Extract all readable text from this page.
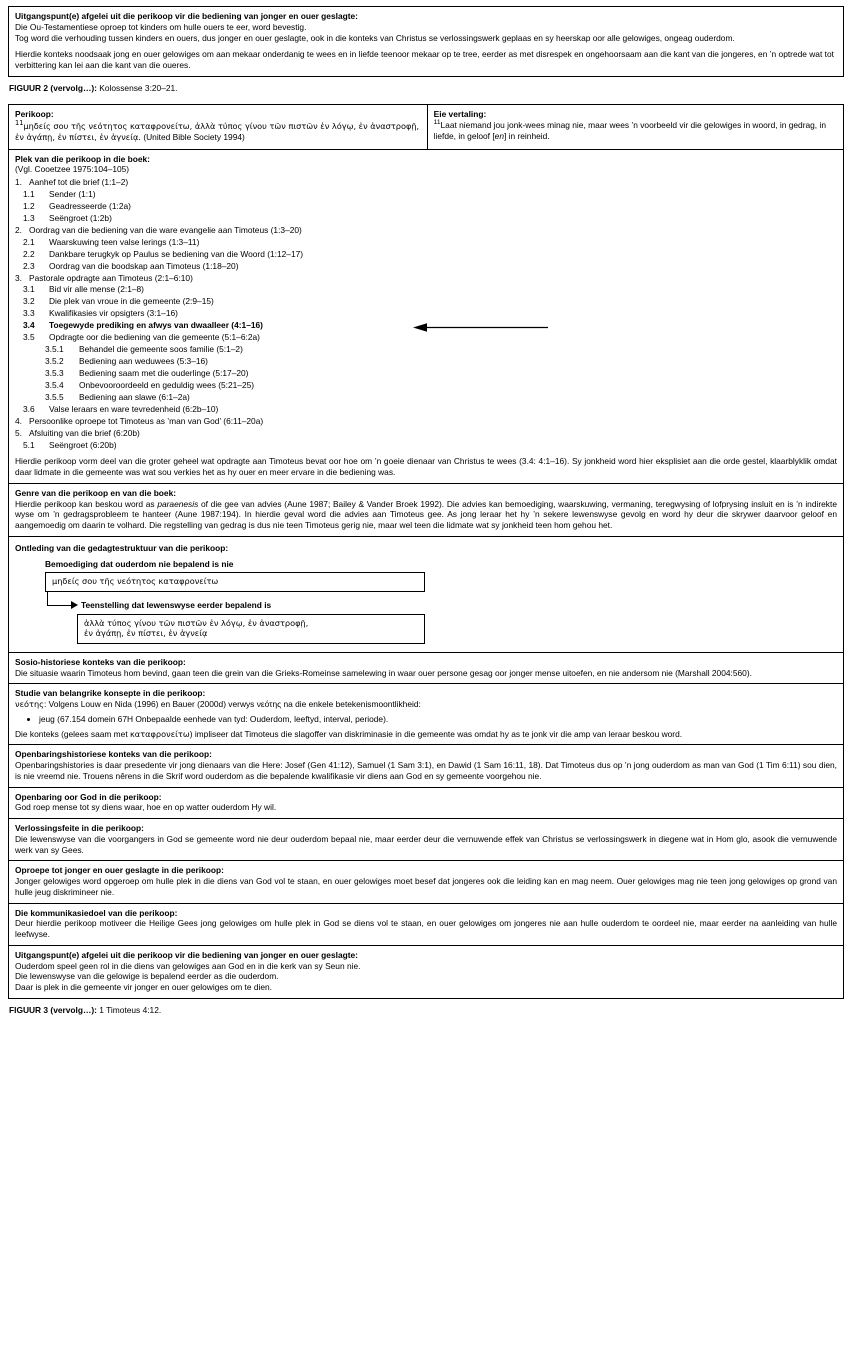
Uitgangspunt(e) afgelei uit die perikoop vir die bediening van jonger en ouer geslagte:

Die Ou-Testamentiese oproep tot kinders om hulle ouers te eer, word bevestig.

Tog word die verhouding tussen kinders en ouers, dus jonger en ouer geslagte, ook in die konteks van Christus se verlossingswerk geplaas en sy heerskap oor alle gelowiges, ongeag ouderdom.

Hierdie konteks noodsaak jong en ouer gelowiges om aan mekaar onderdanig te wees en in liefde teenoor mekaar op te tree, eerder as met disrespek en ongehoorsaam aan die kant van die jongeres, en ’n optrede wat tot verbittering kan lei aan die kant van die oueres.

FIGUUR 2 (vervolg…): Kolossense 3:20–21.

Perikoop:

$^{11}$μηδείς σου τῆς νεότητος καταφρονείτω, ἀλλὰ τύπος γίνου τῶν πιστῶν ἐν λόγῳ, ἐν ἀναστροφῇ, ἐν ἀγάπῃ, ἐν πίστει, ἐν ἁγνείᾳ. (United Bible Society 1994)

Eie vertaling:

$^{11}$Laat niemand jou jonk-wees minag nie, maar wees ’n voorbeeld vir die gelowiges in woord, in gedrag, in liefde, in geloof [en] in reinheid.

Plek van die perikoop in die boek:

(Vgl. Cooetzee 1975:104–105)

1. Aanhef tot die brief (1:1–2)
1.1	Sender (1:1)
1.2	Geadresseerde (1:2a)
1.3	Seëngroet (1:2b)
2. Oordrag van die bediening van die ware evangelie aan Timoteus (1:3–20)
2.1	Waarskuwing teen valse lerings (1:3–11)
2.2	Dankbare terugkyk op Paulus se bediening van die Woord (1:12–17)
2.3	Oordrag van die boodskap aan Timoteus (1:18–20)
3. Pastorale opdragte aan Timoteus (2:1–6:10)
3.1	Bid vir alle mense (2:1–8)
3.2	Die plek van vroue in die gemeente (2:9–15)
3.3	Kwalifikasies vir opsigters (3:1–16)
3.4	Toegewyde prediking en afwys van dwaalleer (4:1–16)
3.5	Opdragte oor die bediening van die gemeente (5:1–6:2a)
3.5.1	Behandel die gemeente soos familie (5:1–2)
3.5.2	Bediening aan weduwees (5:3–16)
3.5.3	Bediening saam met die ouderlinge (5:17–20)
3.5.4	Onbevooroordeeld en geduldig wees (5:21–25)
3.5.5	Bediening aan slawe (6:1–2a)
3.6	Valse leraars en ware tevredenheid (6:2b–10)
4. Persoonlike oproepe tot Timoteus as ’man van God’ (6:11–20a)
5. Afsluiting van die brief (6:20b)
5.1	Seëngroet (6:20b)

Hierdie perikoop vorm deel van die groter geheel wat opdragte aan Timoteus bevat oor hoe om ’n goeie dienaar van Christus te wees (3.4: 4:1–16). Sy jonkheid word hier eksplisiet aan die orde gestel, klaarblyklik omdat daar lidmate in die gemeente was wat sou verkies het as hy ouer en meer ervare in die bediening was.

Genre van die perikoop en van die boek:

Hierdie perikoop kan beskou word as paraenesis of die gee van advies (Aune 1987; Bailey & Vander Broek 1992). Die advies kan bemoediging, waarskuwing, vermaning, teregwysing of lofprysing insluit en is ’n indirekte wyse om ’n gedragsprobleem te hanteer (Aune 1987:194). In hierdie geval word die advies aan Timoteus gee. As jong leraar het hy ’n sekere lewenswyse gevolg en word hy deur die skrywer daarvoor geloof en aangemoedig om daarin te volhard. Die regstelling van gedrag is dus nie teen Timoteus gerig nie, maar wel teen die lidmate wat sy jonkheid teen hom gehou het.

Ontleding van die gedagtestruktuur van die perikoop:

Bemoediging dat ouderdom nie bepalend is nie

μηδείς σου τῆς νεότητος καταφρονείτω
Teenstelling dat lewenswyse eerder bepalend is
ἀλλὰ τύπος γίνου τῶν πιστῶν ἐν λόγῳ, ἐν ἀναστροφῇ,
ἐν ἀγάπῃ, ἐν πίστει, ἐν ἁγνείᾳ

Sosio-historiese konteks van die perikoop:

Die situasie waarin Timoteus hom bevind, gaan teen die grein van die Grieks-Romeinse samelewing in waar ouer persone gesag oor jonger mense uitoefen, en nie andersom nie (Marshall 2004:560).

Studie van belangrike konsepte in die perikoop:

νεότης: Volgens Louw en Nida (1996) en Bauer (2000d) verwys νεότης na die enkele betekenismoontlikheid:

• jeug (67.154 domein 67H Onbepaalde eenhede van tyd: Ouderdom, leeftyd, interval, periode).

Die konteks (gelees saam met καταφρονείτω) impliseer dat Timoteus die slagoffer van diskriminasie in die gemeente was omdat hy as te jonk vir die amp van leraar beskou word.

Openbaringshistoriese konteks van die perikoop:

Openbaringshistories is daar presedente vir jong dienaars van die Here: Josef (Gen 41:12), Samuel (1 Sam 3:1), en Dawid (1 Sam 16:11, 18). Dat Timoteus dus op ’n jong ouderdom as man van God (1 Tim 6:11) sou dien, is nie vreemd nie. Trouens nêrens in die Skrif word ouderdom as die bepalende kwalifikasie vir diens aan God en sy gemeente voorgehou nie.

Openbaring oor God in die perikoop:

God roep mense tot sy diens waar, hoe en op watter ouderdom Hy wil.

Verlossingsfeite in die perikoop:

Die lewenswyse van die voorgangers in God se gemeente word nie deur ouderdom bepaal nie, maar eerder deur die vernuwende effek van Christus se verlossingswerk in diegene wat in Hom glo, asook die vernuwende werk van sy Gees.

Oproepe tot jonger en ouer geslagte in die perikoop:

Jonger gelowiges word opgeroep om hulle plek in die diens van God vol te staan, en ouer gelowiges moet besef dat jongeres ook die leiding kan en mag neem. Ouer gelowiges mag nie teen jong gelowiges op grond van hulle jeug diskrimineer nie.

Die kommunikasiedoel van die perikoop:

Deur hierdie perikoop motiveer die Heilige Gees jong gelowiges om hulle plek in God se diens vol te staan, en ouer gelowiges om jongeres nie aan hulle ouderdom te oordeel nie, maar eerder na aanleiding van hulle leefwyse.

Uitgangspunt(e) afgelei uit die perikoop vir die bediening van jonger en ouer geslagte:

Ouderdom speel geen rol in die diens van gelowiges aan God en in die kerk van sy Seun nie.

Die lewenswyse van die gelowige is bepalend eerder as die ouderdom.

Daar is plek in die gemeente vir jonger en ouer gelowiges om te dien.

FIGUUR 3 (vervolg…): 1 Timoteus 4:12.
